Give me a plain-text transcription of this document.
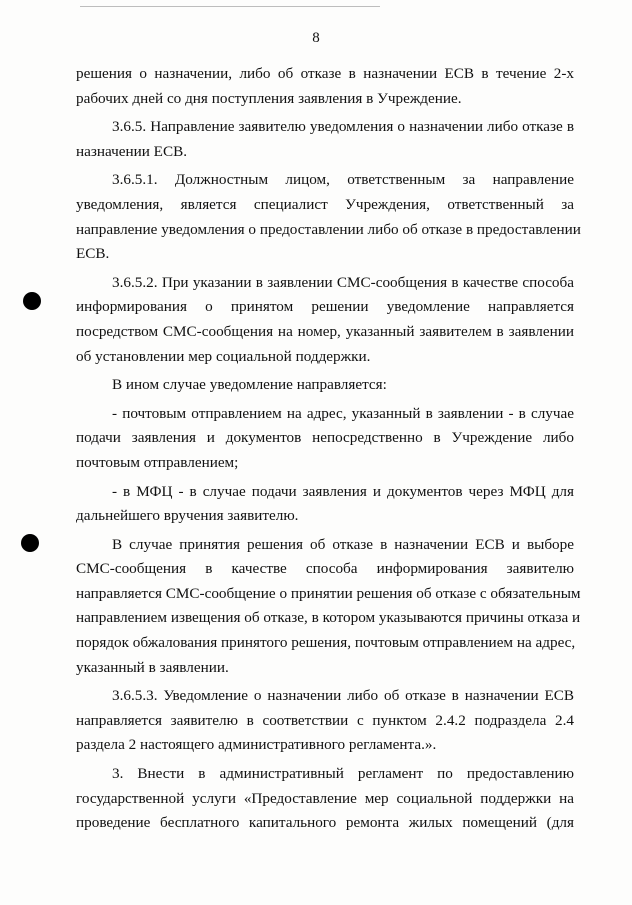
8
решения о назначении, либо об отказе в назначении ЕСВ в течение 2-х
рабочих дней со дня поступления заявления в Учреждение.
3.6.5. Направление заявителю уведомления о назначении либо отказе в
назначении ЕСВ.
3.6.5.1. Должностным лицом, ответственным за направление
уведомления, является специалист Учреждения, ответственный за
направление уведомления о предоставлении либо об отказе в предоставлении
ЕСВ.
3.6.5.2. При указании в заявлении СМС-сообщения в качестве способа
информирования о принятом решении уведомление направляется
посредством СМС-сообщения на номер, указанный заявителем в заявлении
об установлении мер социальной поддержки.
В ином случае уведомление направляется:
- почтовым отправлением на адрес, указанный в заявлении - в случае
подачи заявления и документов непосредственно в Учреждение либо
почтовым отправлением;
- в МФЦ - в случае подачи заявления и документов через МФЦ для
дальнейшего вручения заявителю.
В случае принятия решения об отказе в назначении ЕСВ и выборе
СМС-сообщения в качестве способа информирования заявителю
направляется СМС-сообщение о принятии решения об отказе с обязательным
направлением извещения об отказе, в котором указываются причины отказа и
порядок обжалования принятого решения, почтовым отправлением на адрес,
указанный в заявлении.
3.6.5.3. Уведомление о назначении либо об отказе в назначении ЕСВ
направляется заявителю в соответствии с пунктом 2.4.2 подраздела 2.4
раздела 2 настоящего административного регламента.».
3. Внести в административный регламент по предоставлению
государственной услуги «Предоставление мер социальной поддержки на
проведение бесплатного капитального ремонта жилых помещений (для
